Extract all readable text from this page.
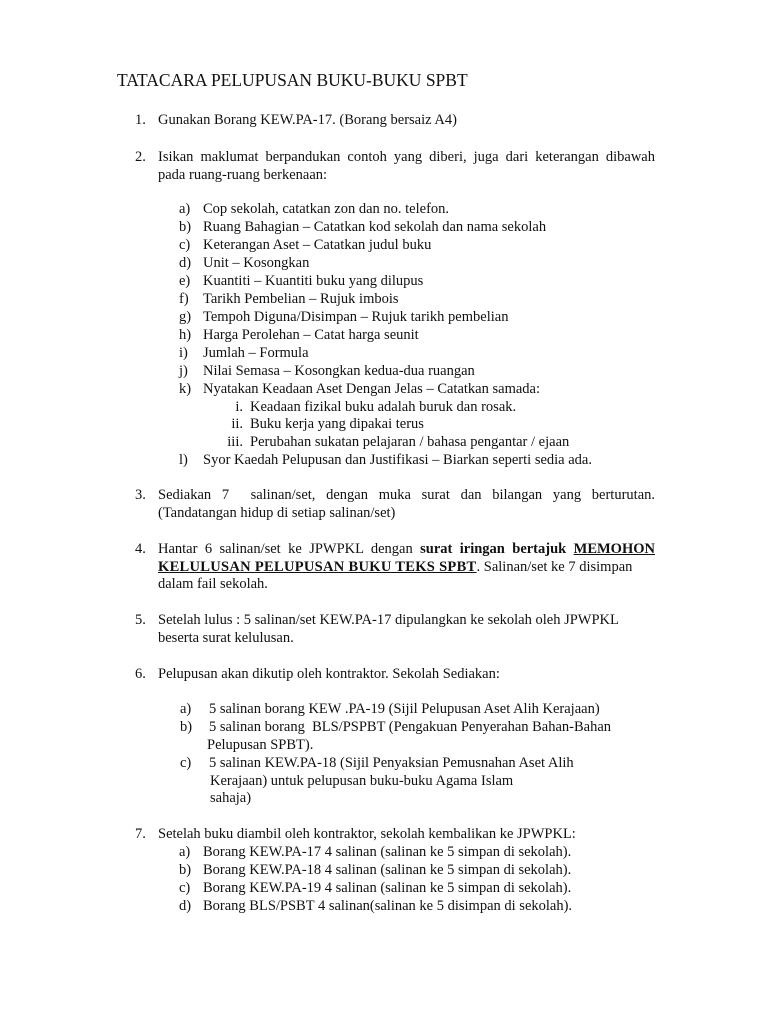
TATACARA PELUPUSAN BUKU-BUKU SPBT
1. Gunakan Borang KEW.PA-17. (Borang bersaiz A4)
2. Isikan maklumat berpandukan contoh yang diberi, juga dari keterangan dibawah
pada ruang-ruang berkenaan:
a) Cop sekolah, catatkan zon dan no. telefon.
b) Ruang Bahagian – Catatkan kod sekolah dan nama sekolah
c) Keterangan Aset – Catatkan judul buku
d) Unit – Kosongkan
e) Kuantiti – Kuantiti buku yang dilupus
f) Tarikh Pembelian – Rujuk imbois
g) Tempoh Diguna/Disimpan – Rujuk tarikh pembelian
h) Harga Perolehan – Catat harga seunit
i) Jumlah – Formula
j) Nilai Semasa – Kosongkan kedua-dua ruangan
k) Nyatakan Keadaan Aset Dengan Jelas – Catatkan samada:
i. Keadaan fizikal buku adalah buruk dan rosak.
ii. Buku kerja yang dipakai terus
iii. Perubahan sukatan pelajaran / bahasa pengantar / ejaan
l) Syor Kaedah Pelupusan dan Justifikasi – Biarkan seperti sedia ada.
3. Sediakan 7  salinan/set, dengan muka surat dan bilangan yang berturutan.
(Tandatangan hidup di setiap salinan/set)
4. Hantar 6 salinan/set ke JPWPKL dengan surat iringan bertajuk MEMOHON
KELULUSAN PELUPUSAN BUKU TEKS SPBT. Salinan/set ke 7 disimpan
dalam fail sekolah.
5. Setelah lulus : 5 salinan/set KEW.PA-17 dipulangkan ke sekolah oleh JPWPKL
beserta surat kelulusan.
6. Pelupusan akan dikutip oleh kontraktor. Sekolah Sediakan:
a) 5 salinan borang KEW .PA-19 (Sijil Pelupusan Aset Alih Kerajaan)
b) 5 salinan borang  BLS/PSPBT (Pengakuan Penyerahan Bahan-Bahan
Pelupusan SPBT).
c) 5 salinan KEW.PA-18 (Sijil Penyaksian Pemusnahan Aset Alih
Kerajaan) untuk pelupusan buku-buku Agama Islam
sahaja)
7. Setelah buku diambil oleh kontraktor, sekolah kembalikan ke JPWPKL:
a) Borang KEW.PA-17 4 salinan (salinan ke 5 simpan di sekolah).
b) Borang KEW.PA-18 4 salinan (salinan ke 5 simpan di sekolah).
c) Borang KEW.PA-19 4 salinan (salinan ke 5 simpan di sekolah).
d) Borang BLS/PSBT 4 salinan(salinan ke 5 disimpan di sekolah).
